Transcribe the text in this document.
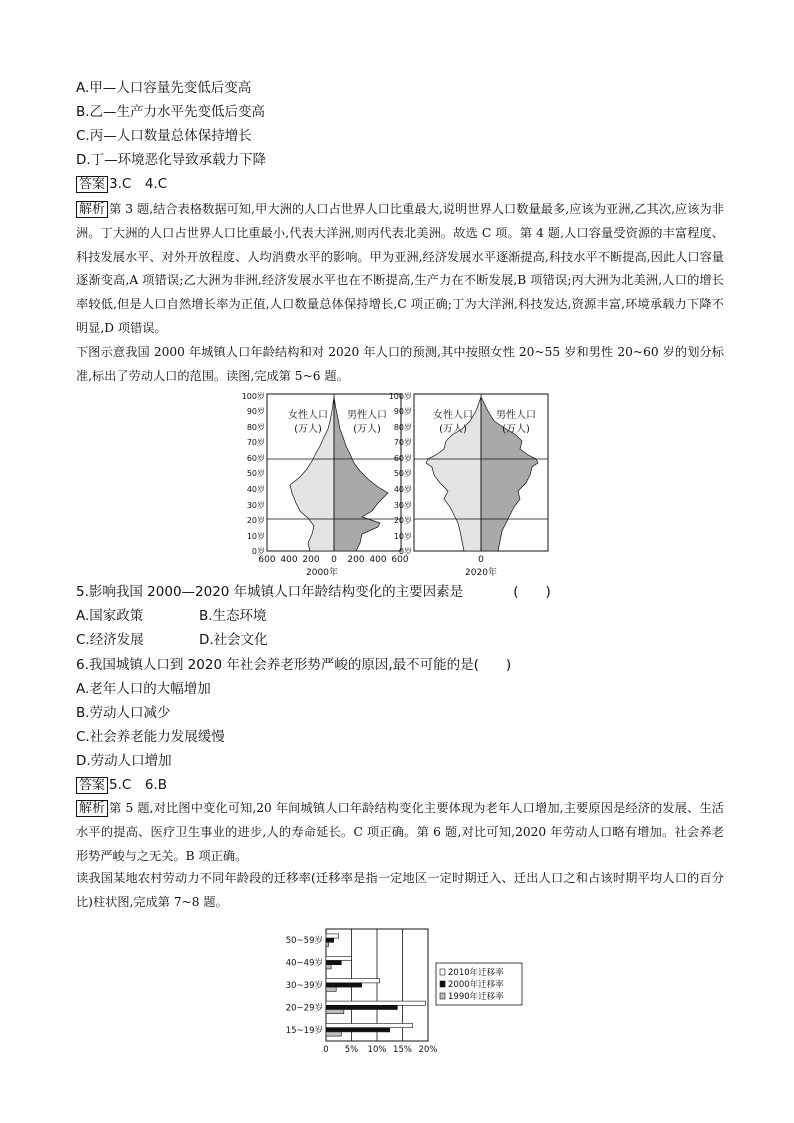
A.甲—人口容量先变低后变高
B.乙—生产力水平先变低后变高
C.丙—人口数量总体保持增长
D.丁—环境恶化导致承载力下降
答案 3.C　4.C
解析 第 3 题,结合表格数据可知,甲大洲的人口占世界人口比重最大,说明世界人口数量最多,应该为亚洲,乙其次,应该为非洲。丁大洲的人口占世界人口比重最小,代表大洋洲,则丙代表北美洲。故选 C 项。第 4 题,人口容量受资源的丰富程度、科技发展水平、对外开放程度、人均消费水平的影响。甲为亚洲,经济发展水平逐渐提高,科技水平不断提高,因此人口容量逐渐变高,A 项错误;乙大洲为非洲,经济发展水平也在不断提高,生产力在不断发展,B 项错误;丙大洲为北美洲,人口的增长率较低,但是人口自然增长率为正值,人口数量总体保持增长,C 项正确;丁为大洋洲,科技发达,资源丰富,环境承载力下降不明显,D 项错误。
下图示意我国 2000 年城镇人口年龄结构和对 2020 年人口的预测,其中按照女性 20~55 岁和男性 20~60 岁的划分标准,标出了劳动人口的范围。读图,完成第 5~6 题。
100岁
90岁
80岁
70岁
60岁
50岁
40岁
30岁
20岁
10岁
0岁
100岁
90岁
80岁
70岁
60岁
50岁
40岁
30岁
20岁
10岁
0岁
女性人口
(万人)
男性人口
(万人)
女性人口
(万人)
男性人口
(万人)
600 400 200 0 200 400 600	0
2000年	2020年
5.影响我国 2000—2020 年城镇人口年龄结构变化的主要因素是	(　　)
A.国家政策	B.生态环境
C.经济发展	D.社会文化
6.我国城镇人口到 2020 年社会养老形势严峻的原因,最不可能的是(　　)
A.老年人口的大幅增加
B.劳动人口减少
C.社会养老能力发展缓慢
D.劳动人口增加
答案 5.C　6.B
解析 第 5 题,对比图中变化可知,20 年间城镇人口年龄结构变化主要体现为老年人口增加,主要原因是经济的发展、生活水平的提高、医疗卫生事业的进步,人的寿命延长。C 项正确。第 6 题,对比可知,2020 年劳动人口略有增加。社会养老形势严峻与之无关。B 项正确。
读我国某地农村劳动力不同年龄段的迁移率(迁移率是指一定地区一定时期迁入、迁出人口之和占该时期平均人口的百分比)柱状图,完成第 7~8 题。
50~59岁
40~49岁
30~39岁
20~29岁
15~19岁
0 5% 10% 15% 20%
2010年迁移率
2000年迁移率
1990年迁移率
